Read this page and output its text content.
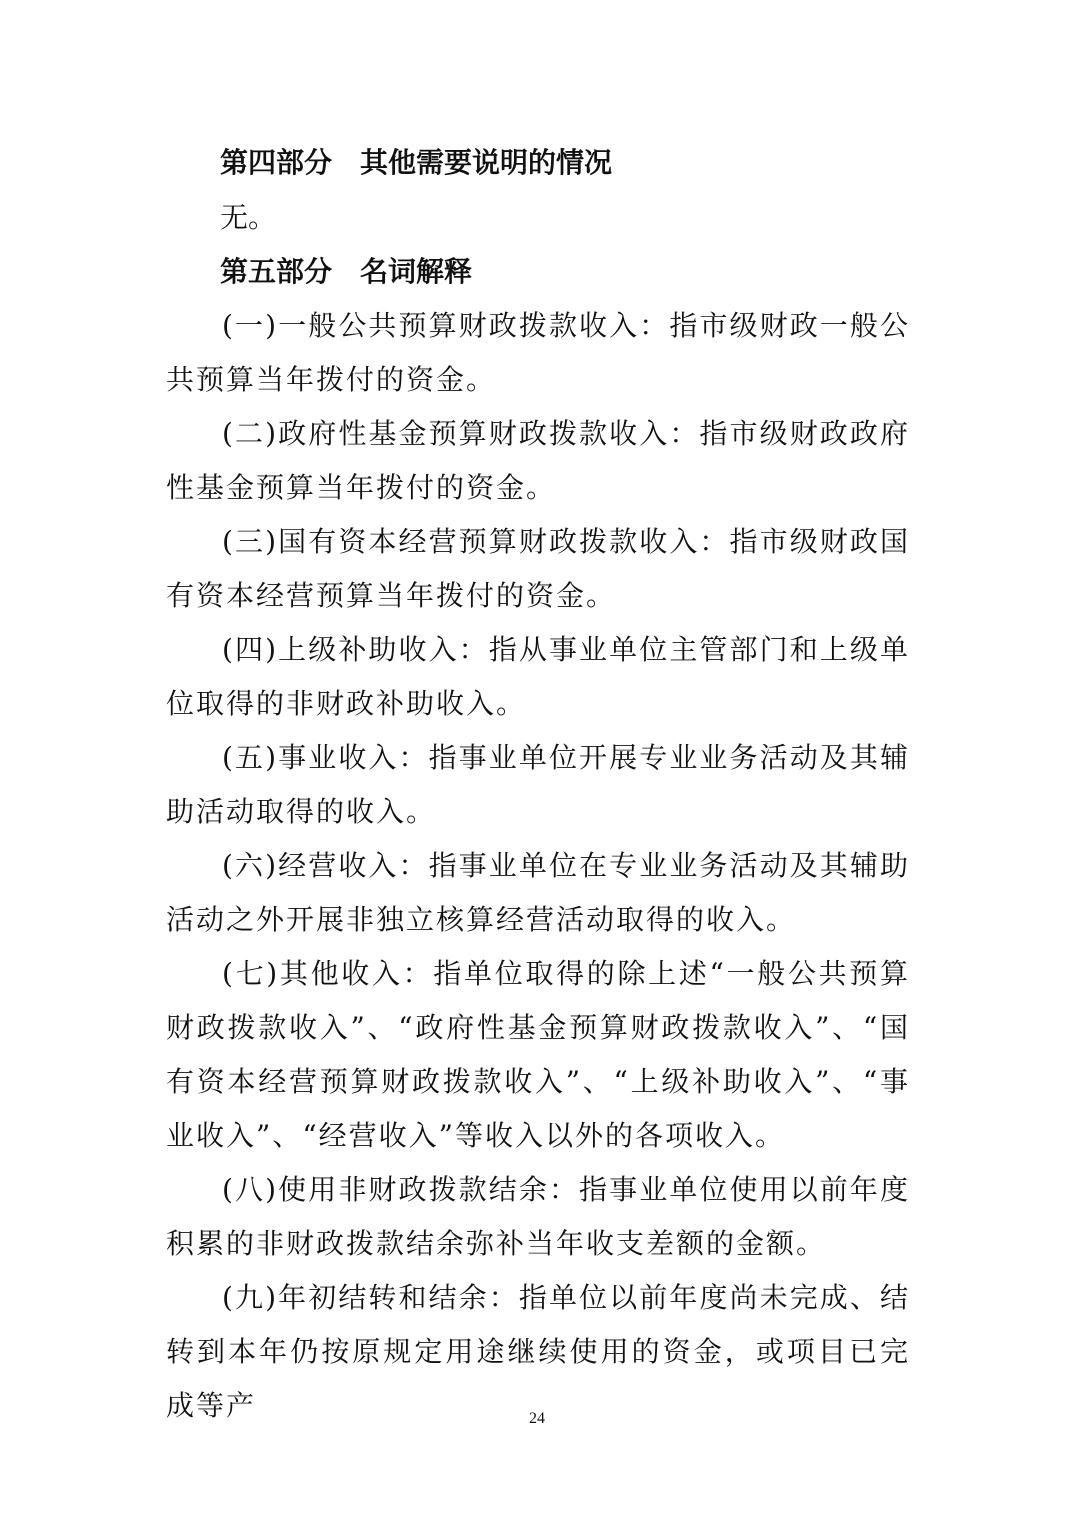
第四部分　其他需要说明的情况
无。
第五部分　名词解释

(一)一般公共预算财政拨款收入：指市级财政一般公共预算当年拨付的资金。

(二)政府性基金预算财政拨款收入：指市级财政政府性基金预算当年拨付的资金。

(三)国有资本经营预算财政拨款收入：指市级财政国有资本经营预算当年拨付的资金。

(四)上级补助收入：指从事业单位主管部门和上级单位取得的非财政补助收入。

(五)事业收入：指事业单位开展专业业务活动及其辅助活动取得的收入。

(六)经营收入：指事业单位在专业业务活动及其辅助活动之外开展非独立核算经营活动取得的收入。

(七)其他收入：指单位取得的除上述“一般公共预算财政拨款收入”、“政府性基金预算财政拨款收入”、“国有资本经营预算财政拨款收入”、“上级补助收入”、“事业收入”、“经营收入”等收入以外的各项收入。

(八)使用非财政拨款结余：指事业单位使用以前年度积累的非财政拨款结余弥补当年收支差额的金额。

(九)年初结转和结余：指单位以前年度尚未完成、结转到本年仍按原规定用途继续使用的资金，或项目已完成等产	24
